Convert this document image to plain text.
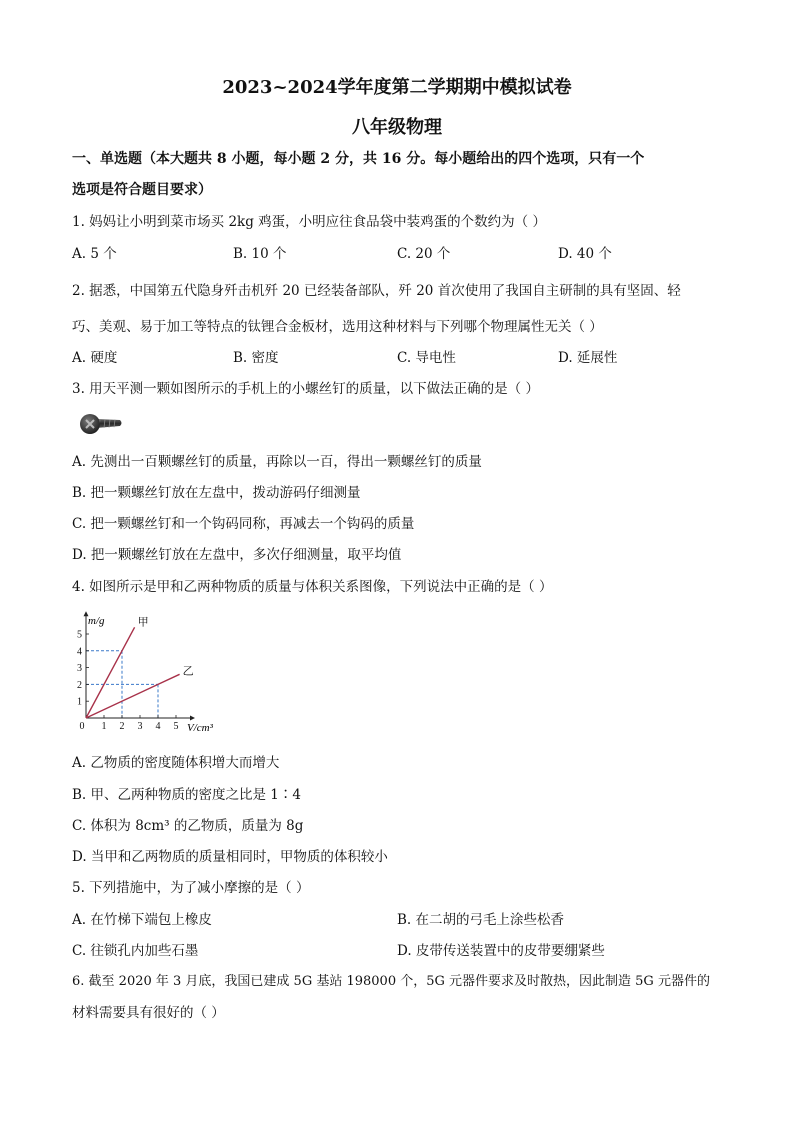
2023~2024学年度第二学期期中模拟试卷
八年级物理
一、单选题（本大题共 8 小题，每小题 2 分，共 16 分。每小题给出的四个选项，只有一个
选项是符合题目要求）
1. 妈妈让小明到菜市场买 2kg 鸡蛋，小明应往食品袋中装鸡蛋的个数约为（ ）
A. 5 个	B. 10 个	C. 20 个	D. 40 个
2. 据悉，中国第五代隐身歼击机歼 20 已经装备部队，歼 20 首次使用了我国自主研制的具有坚固、轻
巧、美观、易于加工等特点的钛锂合金板材，选用这种材料与下列哪个物理属性无关（ ）
A. 硬度	B. 密度	C. 导电性	D. 延展性
3. 用天平测一颗如图所示的手机上的小螺丝钉的质量，以下做法正确的是（ ）
A. 先测出一百颗螺丝钉的质量，再除以一百，得出一颗螺丝钉的质量
B. 把一颗螺丝钉放在左盘中，拨动游码仔细测量
C. 把一颗螺丝钉和一个钩码同称，再减去一个钩码的质量
D. 把一颗螺丝钉放在左盘中，多次仔细测量，取平均值
4. 如图所示是甲和乙两种物质的质量与体积关系图像，下列说法中正确的是（ ）
甲
乙
0 1 2 3 4 5
1
2
3
4
5
m/g
V/cm³
A. 乙物质的密度随体积增大而增大
B. 甲、乙两种物质的密度之比是 1∶4
C. 体积为 8cm³ 的乙物质，质量为 8g
D. 当甲和乙两物质的质量相同时，甲物质的体积较小
5. 下列措施中，为了减小摩擦的是（ ）
A. 在竹梯下端包上橡皮	B. 在二胡的弓毛上涂些松香
C. 往锁孔内加些石墨	D. 皮带传送装置中的皮带要绷紧些
6. 截至 2020 年 3 月底，我国已建成 5G 基站 198000 个，5G 元器件要求及时散热，因此制造 5G 元器件的
材料需要具有很好的（ ）
